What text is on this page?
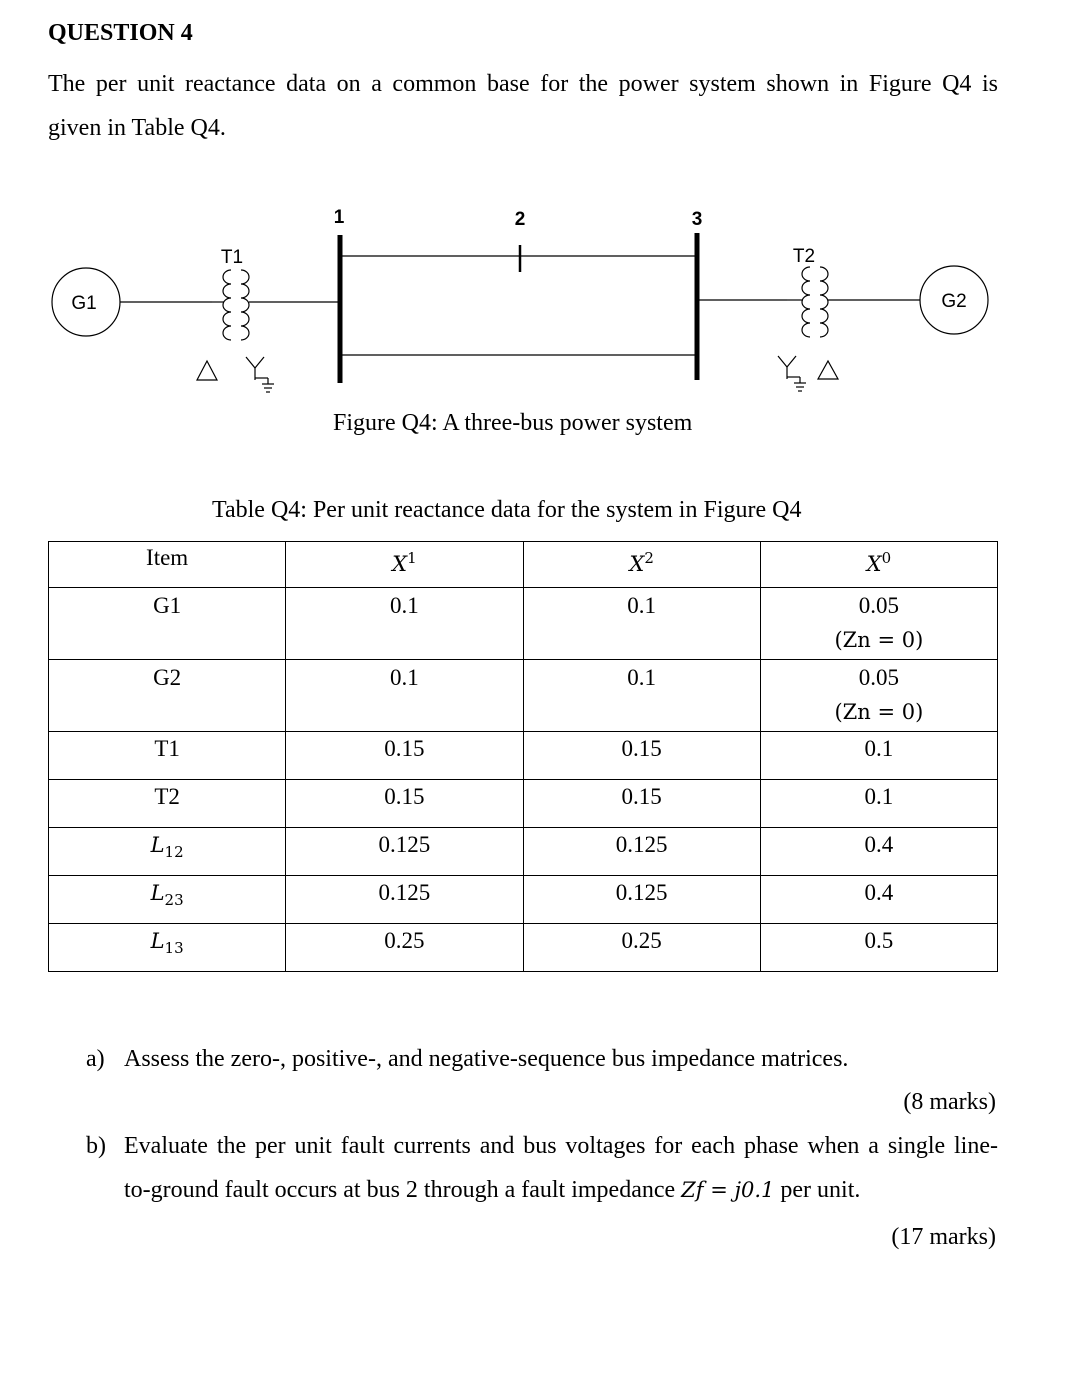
QUESTION 4
The per unit reactance data on a common base for the power system shown in Figure Q4 is
given in Table Q4.
1	2	3
G1	G2
T1	T2
Figure Q4: A three-bus power system
Table Q4: Per unit reactance data for the system in Figure Q4
Item	$X^1$	$X^2$	$X^0$
G1	0.1	0.1	0.05
(Zn = 0)

G2	0.1	0.1	0.05
(Zn = 0)

T1	0.15	0.15	0.1
T2	0.15	0.15	0.1
$L_{12}$	0.125	0.125	0.4
$L_{23}$	0.125	0.125	0.4
$L_{13}$	0.25	0.25	0.5
a) Assess the zero-, positive-, and negative-sequence bus impedance matrices.
(8 marks)
b) Evaluate the per unit fault currents and bus voltages for each phase when a single line-
to-ground fault occurs at bus 2 through a fault impedance Zf = j0.1 per unit.
(17 marks)
